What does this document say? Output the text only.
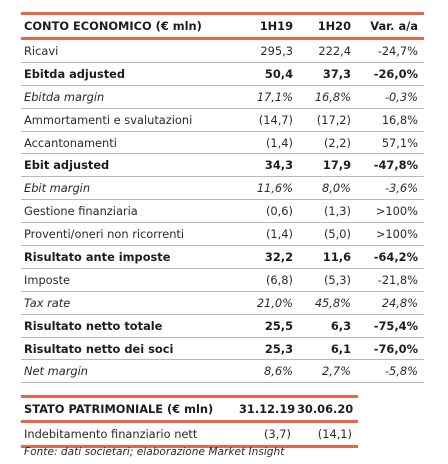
CONTO ECONOMICO (€ mln)	1H19	1H20	Var. a/a
Ricavi	295,3	222,4	-24,7%
Ebitda adjusted	50,4	37,3	-26,0%
Ebitda margin	17,1%	16,8%	-0,3%
Ammortamenti e svalutazioni	(14,7)	(17,2)	16,8%
Accantonamenti	(1,4)	(2,2)	57,1%
Ebit adjusted	34,3	17,9	-47,8%
Ebit margin	11,6%	8,0%	-3,6%
Gestione finanziaria	(0,6)	(1,3)	>100%
Proventi/oneri non ricorrenti	(1,4)	(5,0)	>100%
Risultato ante imposte	32,2	11,6	-64,2%
Imposte	(6,8)	(5,3)	-21,8%
Tax rate	21,0%	45,8%	24,8%
Risultato netto totale	25,5	6,3	-75,4%
Risultato netto dei soci	25,3	6,1	-76,0%
Net margin	8,6%	2,7%	-5,8%
STATO PATRIMONIALE (€ mln)	31.12.19	30.06.20
Indebitamento finanziario nett	(3,7)	(14,1)
Fonte: dati societari; elaborazione Market Insight
